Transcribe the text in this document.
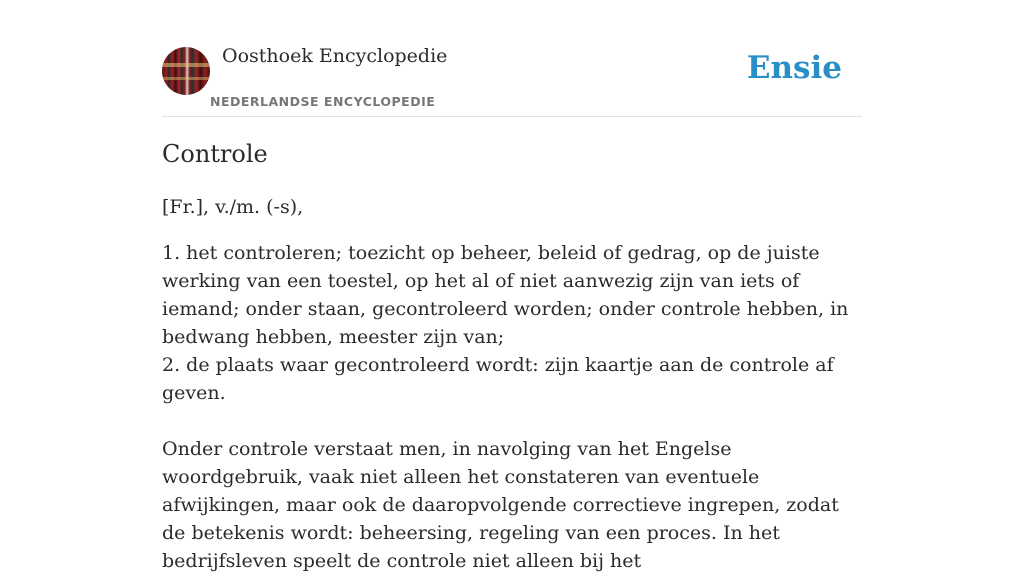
Oosthoek Encyclopedie
NEDERLANDSE ENCYCLOPEDIE
Ensie
Controle

[Fr.], v./m. (-s),

1. het controleren; toezicht op beheer, beleid of gedrag, op de juiste werking van een toestel, op het al of niet aanwezig zijn van iets of iemand; onder staan, gecontroleerd worden; onder controle hebben, in bedwang hebben, meester zijn van;

2. de plaats waar gecontroleerd wordt: zijn kaartje aan de controle af geven.

Onder controle verstaat men, in navolging van het Engelse woordgebruik, vaak niet alleen het constateren van eventuele afwijkingen, maar ook de daaropvolgende correctieve ingrepen, zodat de betekenis wordt: beheersing, regeling van een proces. In het bedrijfsleven speelt de controle niet alleen bij het
